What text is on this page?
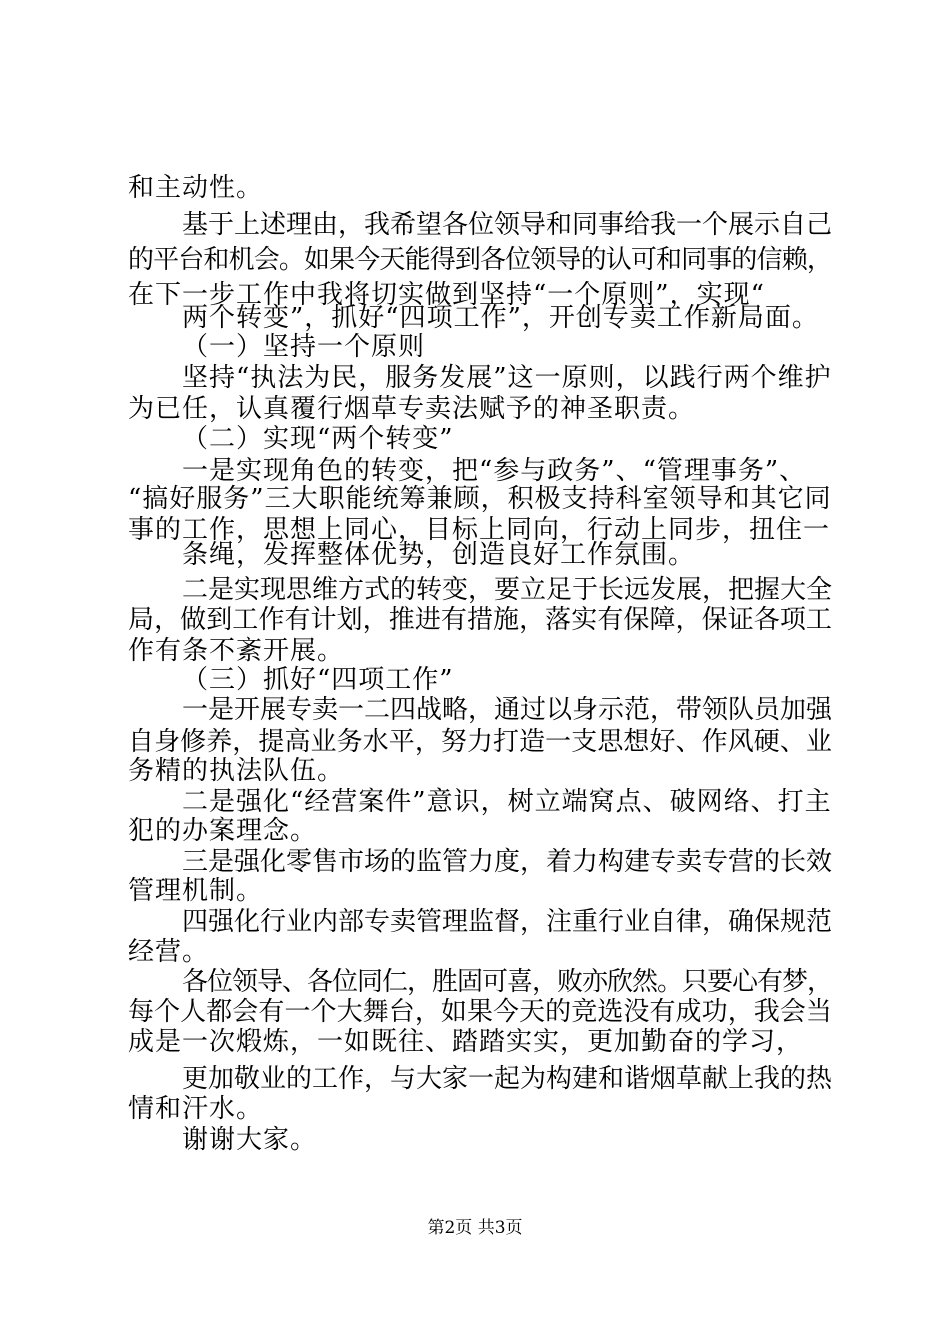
和主动性。
基于上述理由，我希望各位领导和同事给我一个展示自己
的平台和机会。如果今天能得到各位领导的认可和同事的信赖，
在下一步工作中我将切实做到坚持“一个原则”，实现“
两个转变”，抓好“四项工作”，开创专卖工作新局面。
（一）坚持一个原则
坚持“执法为民，服务发展”这一原则，以践行两个维护
为已任，认真覆行烟草专卖法赋予的神圣职责。
（二）实现“两个转变”
一是实现角色的转变，把“参与政务”、“管理事务”、
“搞好服务”三大职能统筹兼顾，积极支持科室领导和其它同
事的工作，思想上同心，目标上同向，行动上同步，扭住一
条绳，发挥整体优势，创造良好工作氛围。
二是实现思维方式的转变，要立足于长远发展，把握大全
局，做到工作有计划，推进有措施，落实有保障，保证各项工
作有条不紊开展。
（三）抓好“四项工作”
一是开展专卖一二四战略，通过以身示范，带领队员加强
自身修养，提高业务水平，努力打造一支思想好、作风硬、业
务精的执法队伍。
二是强化“经营案件”意识，树立端窝点、破网络、打主
犯的办案理念。
三是强化零售市场的监管力度，着力构建专卖专营的长效
管理机制。
四强化行业内部专卖管理监督，注重行业自律，确保规范
经营。
各位领导、各位同仁，胜固可喜，败亦欣然。只要心有梦，
每个人都会有一个大舞台，如果今天的竞选没有成功，我会当
成是一次煅炼，一如既往、踏踏实实，更加勤奋的学习，
更加敬业的工作，与大家一起为构建和谐烟草献上我的热
情和汗水。
谢谢大家。
第2页 共3页
